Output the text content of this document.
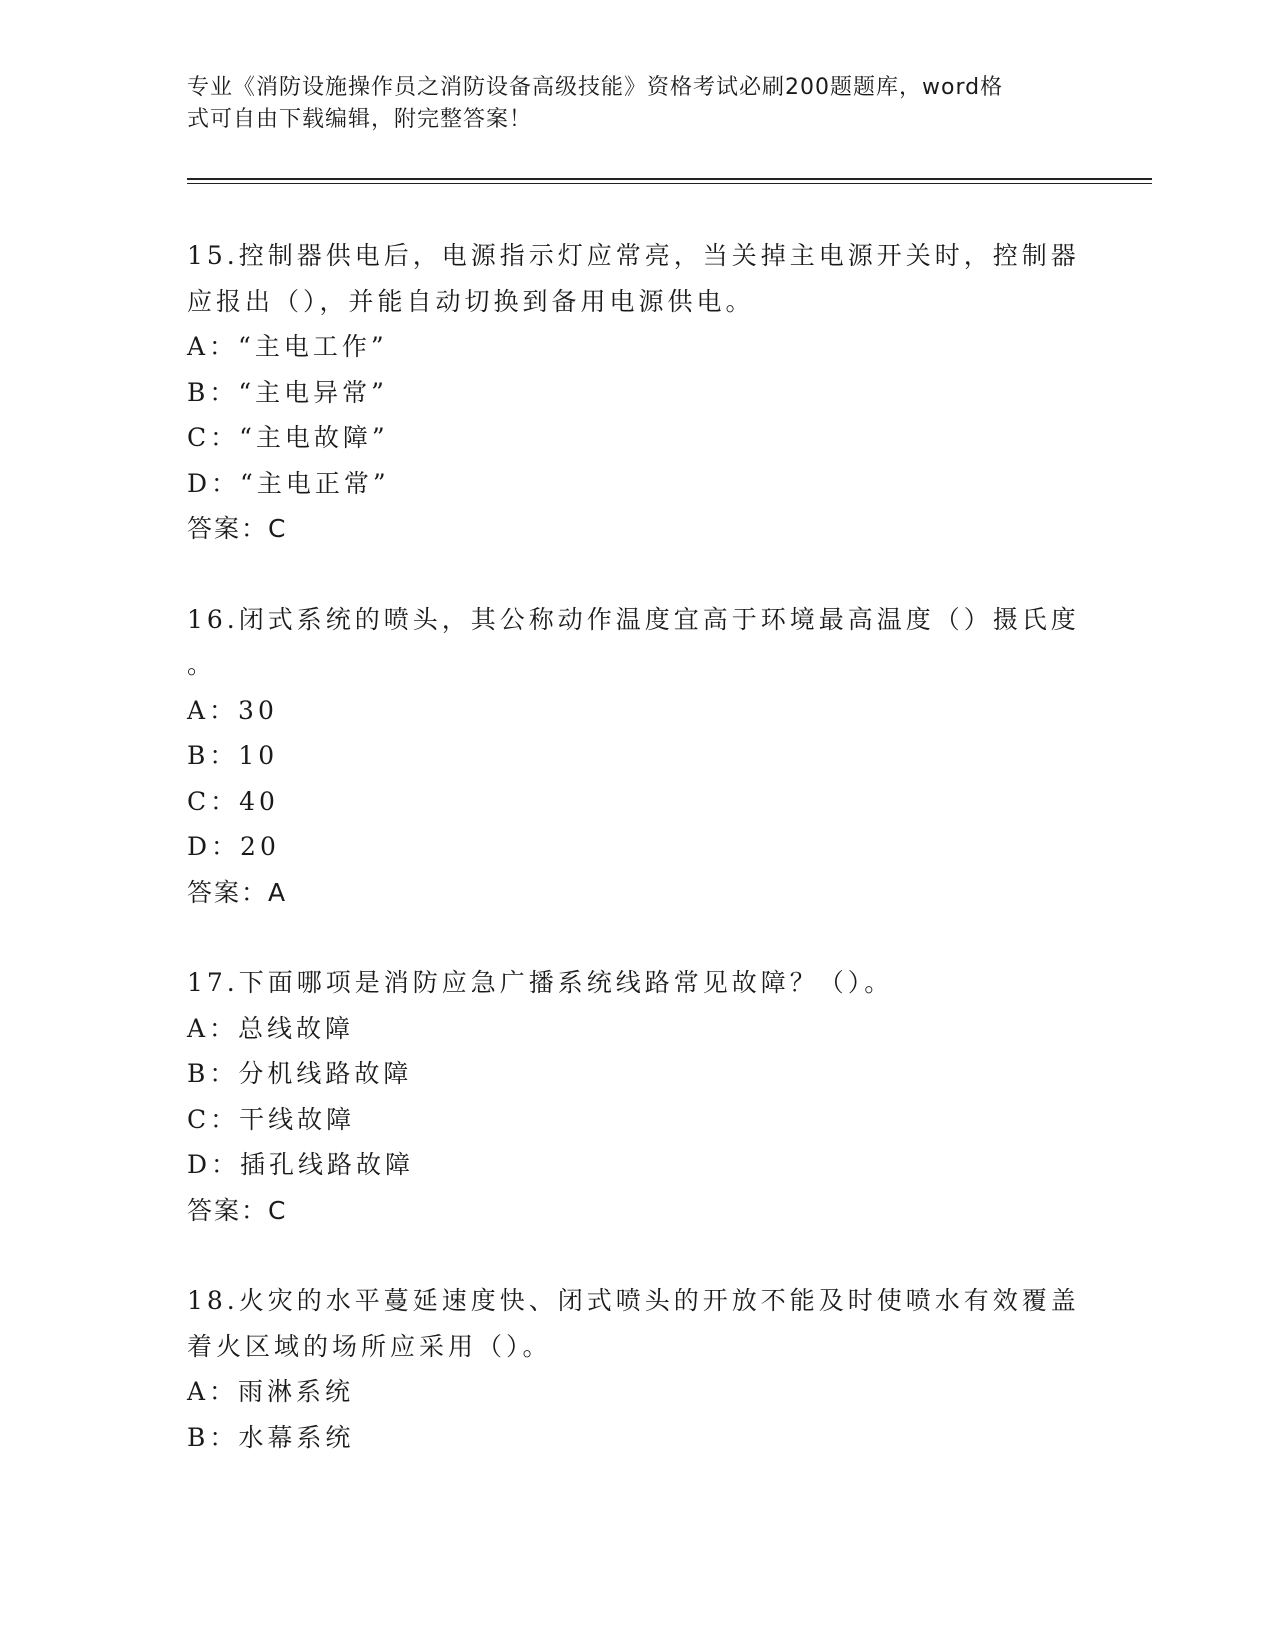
专业《消防设施操作员之消防设备高级技能》资格考试必刷200题题库，word格
式可自由下载编辑，附完整答案！
15.控制器供电后，电源指示灯应常亮，当关掉主电源开关时，控制器
应报出（），并能自动切换到备用电源供电。
A：“主电工作”
B：“主电异常”
C：“主电故障”
D：“主电正常”
答案：C
16.闭式系统的喷头，其公称动作温度宜高于环境最高温度（）摄氏度
。
A：30
B：10
C：40
D：20
答案：A
17.下面哪项是消防应急广播系统线路常见故障？（）。
A：总线故障
B：分机线路故障
C：干线故障
D：插孔线路故障
答案：C
18.火灾的水平蔓延速度快、闭式喷头的开放不能及时使喷水有效覆盖
着火区域的场所应采用（）。
A：雨淋系统
B：水幕系统
